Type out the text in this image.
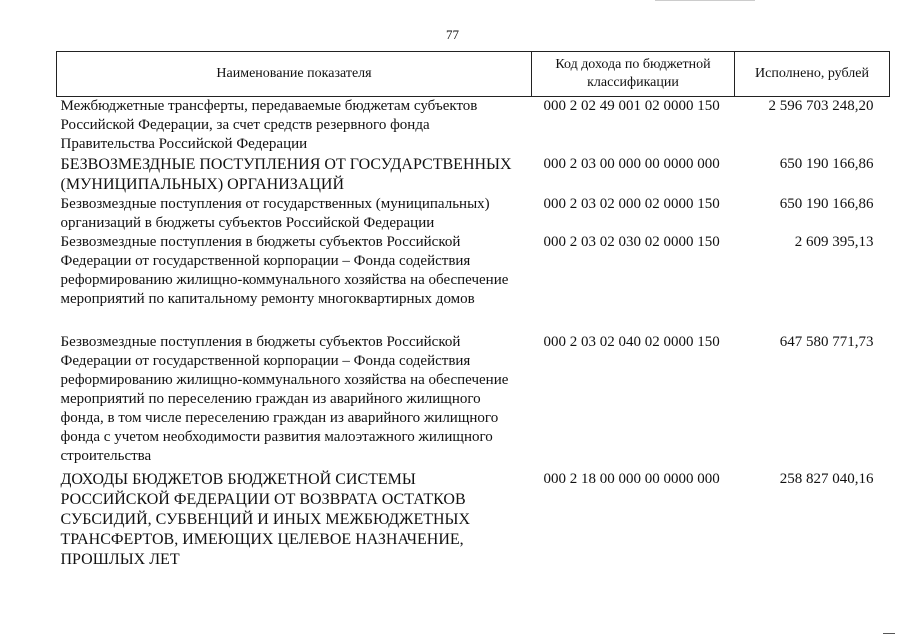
77
Наименование показателя	Код дохода по бюджетной классификации	Исполнено, рублей
Межбюджетные трансферты, передаваемые бюджетам субъектов Российской Федерации, за счет средств резервного фонда Правительства Российской Федерации	000 2 02 49 001 02 0000 150	2 596 703 248,20
БЕЗВОЗМЕЗДНЫЕ ПОСТУПЛЕНИЯ ОТ ГОСУДАРСТВЕННЫХ (МУНИЦИПАЛЬНЫХ) ОРГАНИЗАЦИЙ	000 2 03 00 000 00 0000 000	650 190 166,86
Безвозмездные поступления от государственных (муниципальных) организаций в бюджеты субъектов Российской Федерации	000 2 03 02 000 02 0000 150	650 190 166,86
Безвозмездные поступления в бюджеты субъектов Российской Федерации от государственной корпорации – Фонда содействия реформированию жилищно-коммунального хозяйства на обеспечение мероприятий по капитальному ремонту многоквартирных домов	000 2 03 02 030 02 0000 150	2 609 395,13
Безвозмездные поступления в бюджеты субъектов Российской Федерации от государственной корпорации – Фонда содействия реформированию жилищно-коммунального хозяйства на обеспечение мероприятий по переселению граждан из аварийного жилищного фонда, в том числе переселению граждан из аварийного жилищного фонда с учетом необходимости развития малоэтажного жилищного строительства	000 2 03 02 040 02 0000 150	647 580 771,73
ДОХОДЫ БЮДЖЕТОВ БЮДЖЕТНОЙ СИСТЕМЫ РОССИЙСКОЙ ФЕДЕРАЦИИ ОТ ВОЗВРАТА ОСТАТКОВ СУБСИДИЙ, СУБВЕНЦИЙ И ИНЫХ МЕЖБЮДЖЕТНЫХ ТРАНСФЕРТОВ, ИМЕЮЩИХ ЦЕЛЕВОЕ НАЗНАЧЕНИЕ, ПРОШЛЫХ ЛЕТ	000 2 18 00 000 00 0000 000	258 827 040,16
